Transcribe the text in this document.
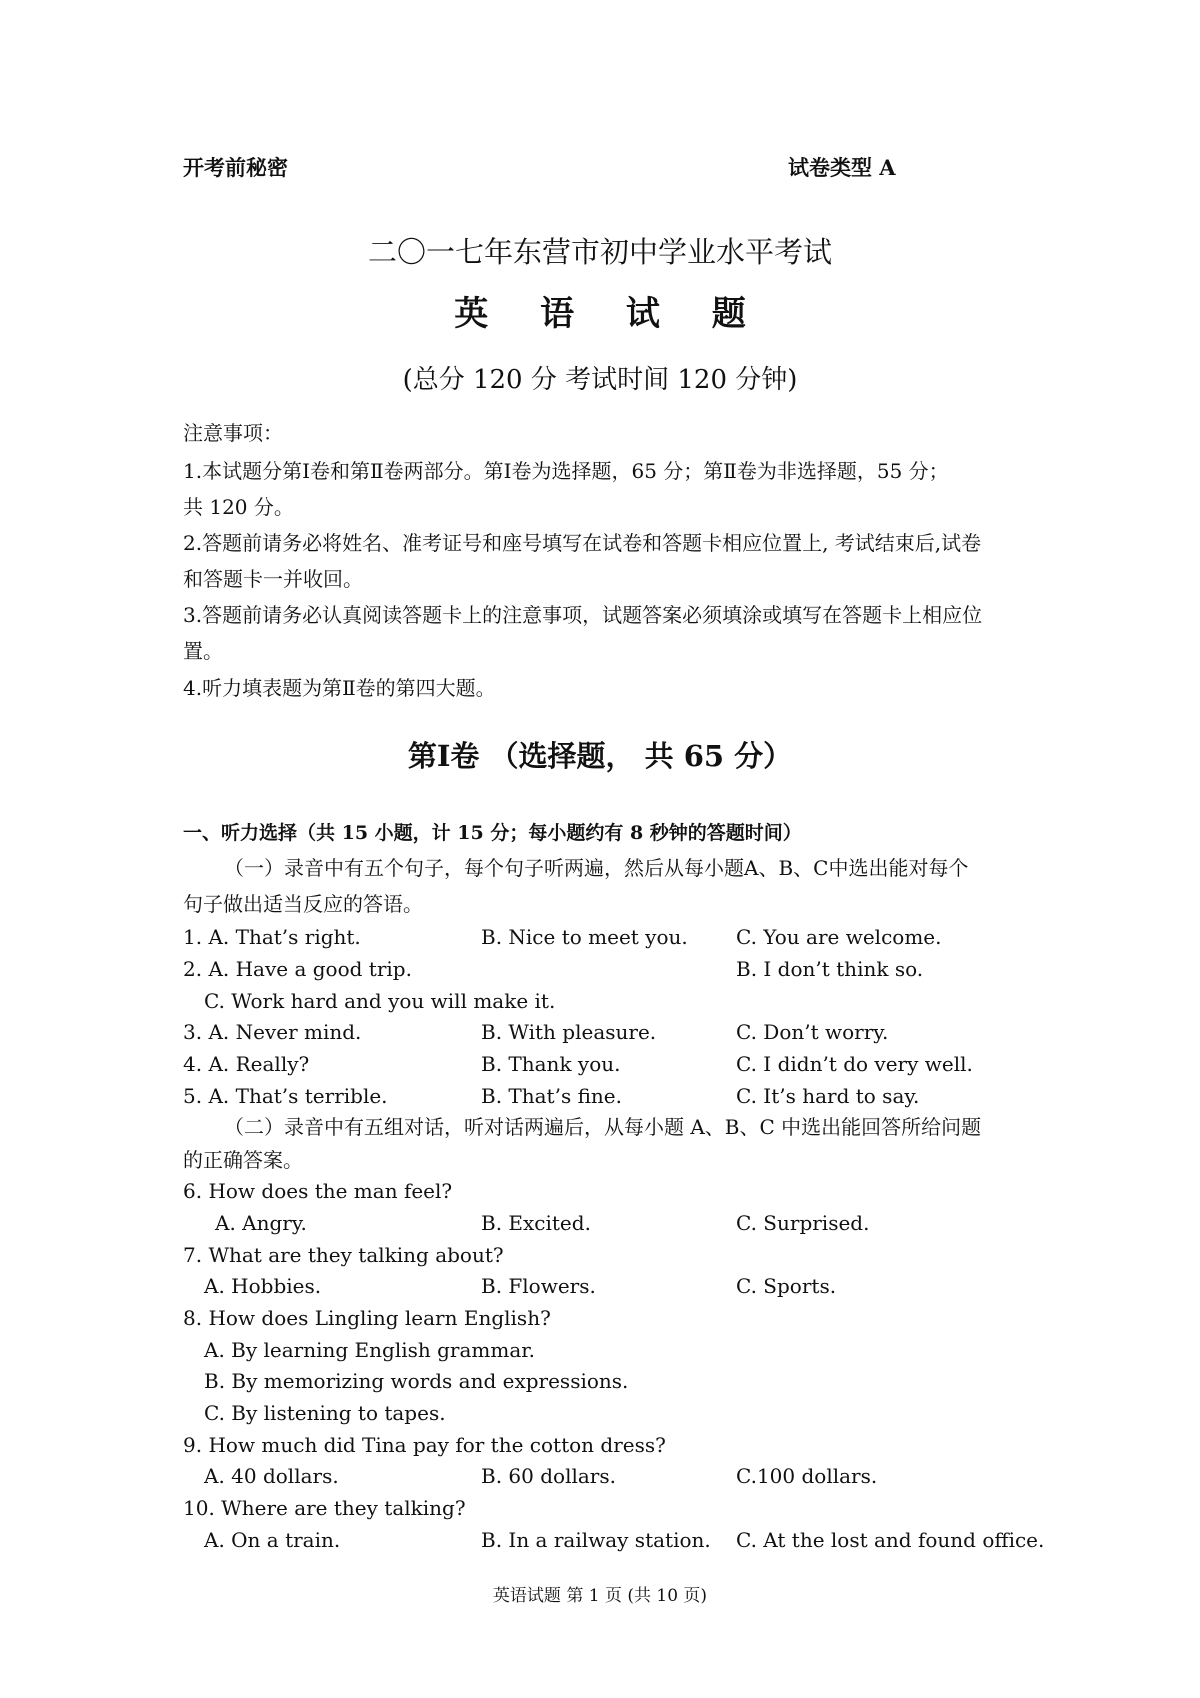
开考前秘密	试卷类型 A
二〇一七年东营市初中学业水平考试
英 语 试 题
(总分 120 分 考试时间 120 分钟)
注意事项：
1.本试题分第Ⅰ卷和第Ⅱ卷两部分。第Ⅰ卷为选择题，65 分；第Ⅱ卷为非选择题，55 分；
共 120 分。
2.答题前请务必将姓名、准考证号和座号填写在试卷和答题卡相应位置上, 考试结束后,试卷
和答题卡一并收回。
3.答题前请务必认真阅读答题卡上的注意事项，试题答案必须填涂或填写在答题卡上相应位
置。
4.听力填表题为第Ⅱ卷的第四大题。
第Ⅰ卷 （选择题， 共 65 分）
一、听力选择（共 15 小题，计 15 分；每小题约有 8 秒钟的答题时间）
（一）录音中有五个句子，每个句子听两遍，然后从每小题A、B、C中选出能对每个
句子做出适当反应的答语。
1. A. That’s right.	B. Nice to meet you. C. You are welcome.
2. A. Have a good trip.	B. I don’t think so.
C. Work hard and you will make it.
3. A. Never mind.	B. With pleasure.	C. Don’t worry.
4. A. Really?	B. Thank you.	C. I didn’t do very well.
5. A. That’s terrible.	B. That’s fine.	C. It’s hard to say.
（二）录音中有五组对话，听对话两遍后，从每小题 A、B、C 中选出能回答所给问题
的正确答案。
6. How does the man feel?
A. Angry.	B. Excited.	C. Surprised.
7. What are they talking about?
A. Hobbies.	B. Flowers.	C. Sports.
8. How does Lingling learn English?
A. By learning English grammar.
B. By memorizing words and expressions.
C. By listening to tapes.
9. How much did Tina pay for the cotton dress?
A. 40 dollars.	B. 60 dollars.	C.100 dollars.
10. Where are they talking?
A. On a train.	B. In a railway station. C. At the lost and found office.
英语试题 第 1 页 (共 10 页)
